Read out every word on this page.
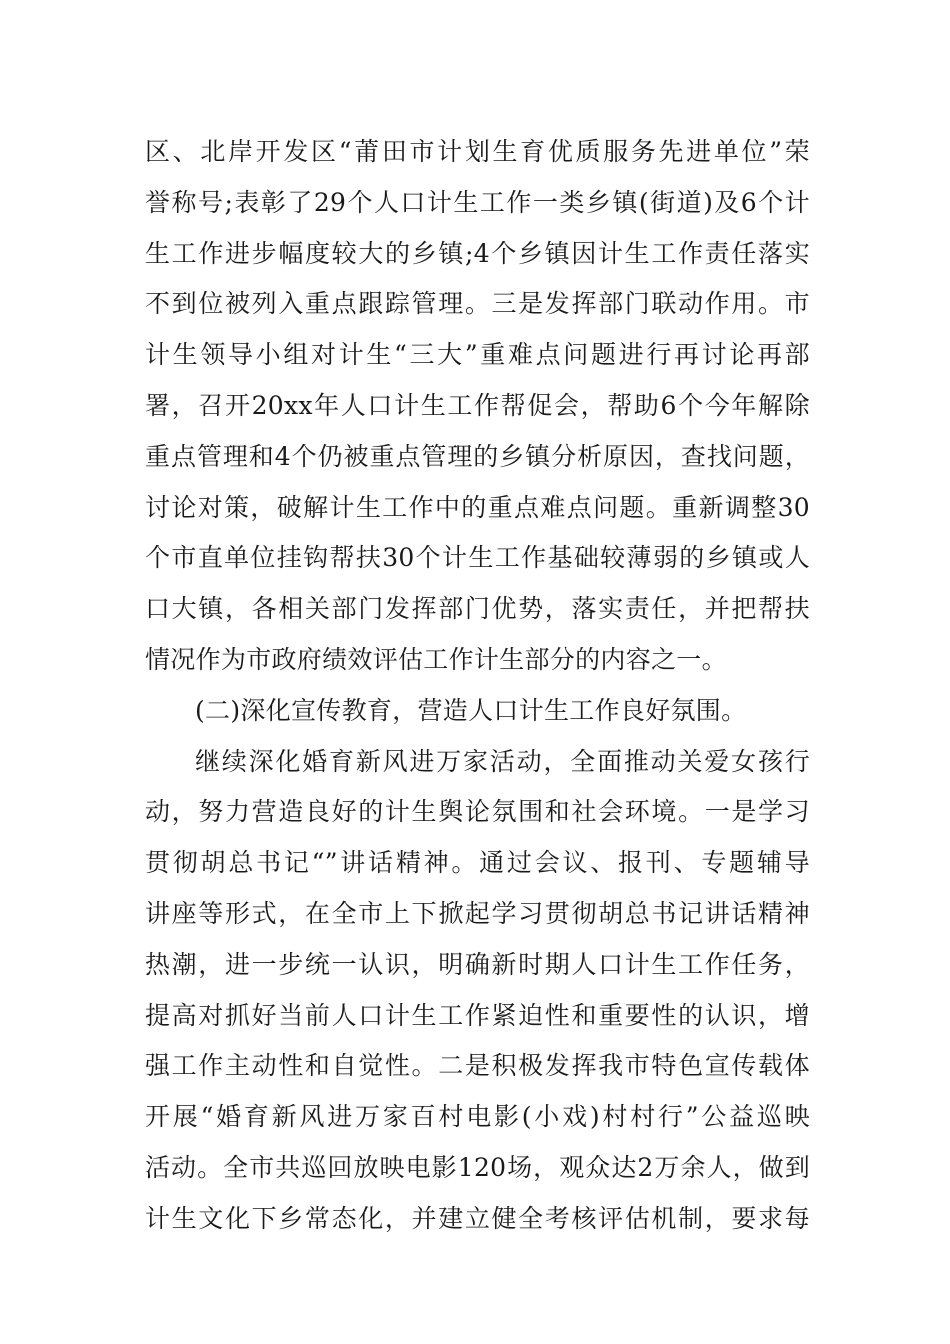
区、北岸开发区“莆田市计划生育优质服务先进单位”荣
誉称号;表彰了29个人口计生工作一类乡镇(街道)及6个计
生工作进步幅度较大的乡镇;4个乡镇因计生工作责任落实
不到位被列入重点跟踪管理。三是发挥部门联动作用。市
计生领导小组对计生“三大”重难点问题进行再讨论再部
署，召开20xx年人口计生工作帮促会，帮助6个今年解除
重点管理和4个仍被重点管理的乡镇分析原因，查找问题，
讨论对策，破解计生工作中的重点难点问题。重新调整30
个市直单位挂钩帮扶30个计生工作基础较薄弱的乡镇或人
口大镇，各相关部门发挥部门优势，落实责任，并把帮扶
情况作为市政府绩效评估工作计生部分的内容之一。
(二)深化宣传教育，营造人口计生工作良好氛围。
继续深化婚育新风进万家活动，全面推动关爱女孩行
动，努力营造良好的计生舆论氛围和社会环境。一是学习
贯彻胡总书记“”讲话精神。通过会议、报刊、专题辅导
讲座等形式，在全市上下掀起学习贯彻胡总书记讲话精神
热潮，进一步统一认识，明确新时期人口计生工作任务，
提高对抓好当前人口计生工作紧迫性和重要性的认识，增
强工作主动性和自觉性。二是积极发挥我市特色宣传载体
开展“婚育新风进万家百村电影(小戏)村村行”公益巡映
活动。全市共巡回放映电影120场，观众达2万余人，做到
计生文化下乡常态化，并建立健全考核评估机制，要求每
